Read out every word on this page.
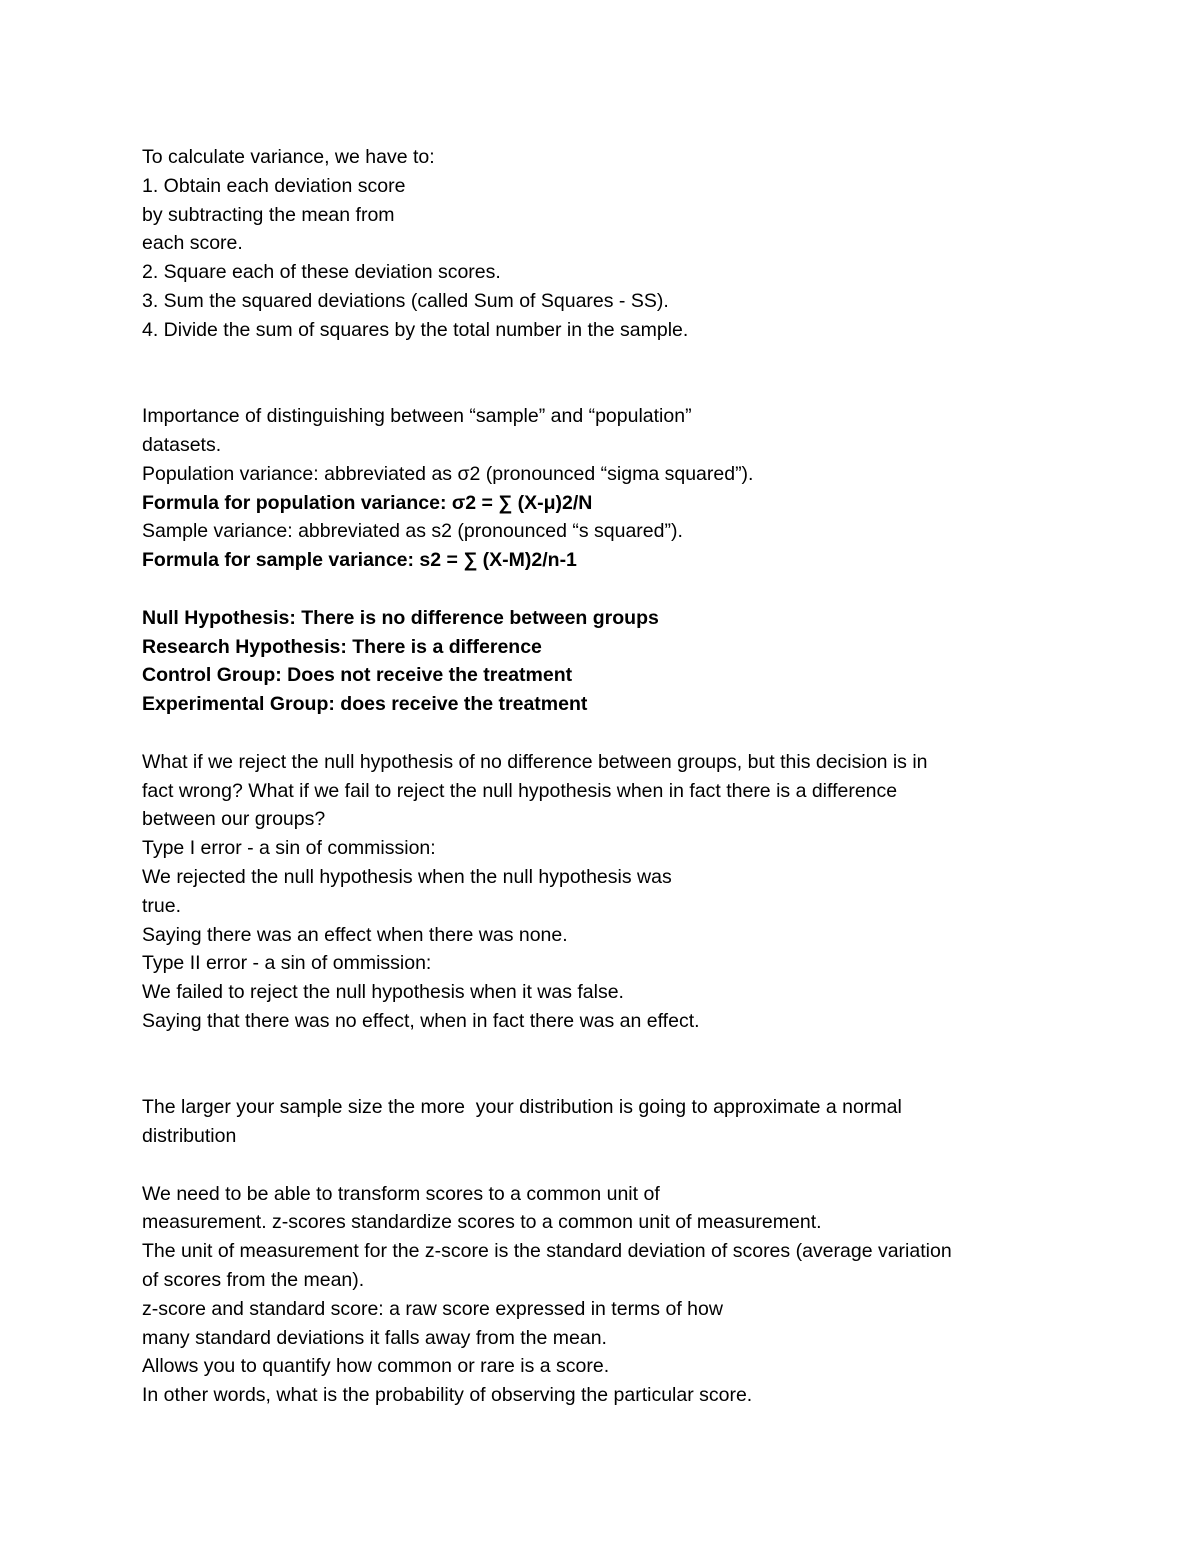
To calculate variance, we have to:
1. Obtain each deviation score
by subtracting the mean from
each score.
2. Square each of these deviation scores.
3. Sum the squared deviations (called Sum of Squares - SS).
4. Divide the sum of squares by the total number in the sample.
Importance of distinguishing between “sample” and “population”
datasets.
Population variance: abbreviated as σ2 (pronounced “sigma squared”).
Formula for population variance: σ2 = ∑ (X-μ)2/N
Sample variance: abbreviated as s2 (pronounced “s squared”).
Formula for sample variance: s2 = ∑ (X-M)2/n-1
Null Hypothesis: There is no difference between groups
Research Hypothesis: There is a difference
Control Group: Does not receive the treatment
Experimental Group: does receive the treatment
What if we reject the null hypothesis of no difference between groups, but this decision is in
fact wrong? What if we fail to reject the null hypothesis when in fact there is a difference
between our groups?
Type I error - a sin of commission:
We rejected the null hypothesis when the null hypothesis was
true.
Saying there was an effect when there was none.
Type II error - a sin of ommission:
We failed to reject the null hypothesis when it was false.
Saying that there was no effect, when in fact there was an effect.
The larger your sample size the more  your distribution is going to approximate a normal
distribution
We need to be able to transform scores to a common unit of
measurement. z-scores standardize scores to a common unit of measurement.
The unit of measurement for the z-score is the standard deviation of scores (average variation
of scores from the mean).
z-score and standard score: a raw score expressed in terms of how
many standard deviations it falls away from the mean.
Allows you to quantify how common or rare is a score.
In other words, what is the probability of observing the particular score.
